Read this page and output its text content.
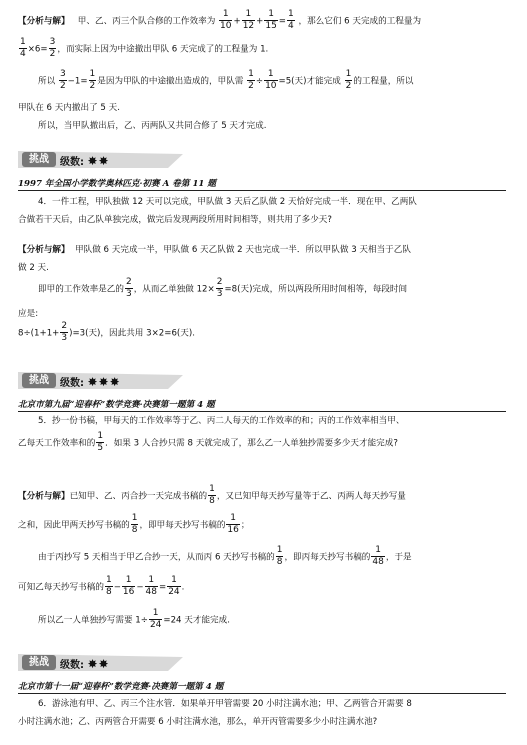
【分析与解】 甲、乙、丙三个队合修的工作效率为 $\frac{1}{10} + \frac{1}{12} + \frac{1}{15} = \frac{1}{4}$ ，那么它们 6 天完成的工程量为
$\frac{1}{4} \times 6= \frac{3}{2}$ ，而实际上因为中途撤出甲队 6 天完成了的工程量为 1.
所以 $\frac{3}{2} -1= \frac{1}{2}$ 是因为甲队的中途撤出造成的，甲队需 $\frac{1}{2} \div \frac{1}{10} =5$(天)才能完成 $\frac{1}{2}$ 的工程量，所以
甲队在 6 天内撤出了 5 天.
所以，当甲队撤出后，乙、丙两队又共同合修了 5 天才完成.
挑战	级数: ✸✸
1997 年全国小学数学奥林匹克·初赛 A 卷第 11 题
4．一件工程，甲队独做 12 天可以完成，甲队做 3 天后乙队做 2 天恰好完成一半．现在甲、乙两队
合做若干天后，由乙队单独完成，做完后发现两段所用时间相等，则共用了多少天?
【分析与解】 甲队做 6 天完成一半，甲队做 6 天乙队做 2 天也完成一半．所以甲队做 3 天相当于乙队
做 2 天.
即甲的工作效率是乙的 $\frac{2}{3}$ ，从而乙单独做 $12\times \frac{2}{3} =8$(天)完成，所以两段所用时间相等，每段时间
应是:
$8\div(1+1+ \frac{2}{3} )=3$(天)，因此共用 3×2=6(天).
挑战	级数: ✸✸✸
北京市第九届“迎春杯”数学竞赛·决赛第一题第 4 题
5．抄一份书稿，甲每天的工作效率等于乙、丙二人每天的工作效率的和；丙的工作效率相当甲、
乙每天工作效率和的 $\frac{1}{5}$ ．如果 3 人合抄只需 8 天就完成了，那么乙一人单独抄需要多少天才能完成?
【分析与解】已知甲、乙、丙合抄一天完成书稿的 $\frac{1}{8}$ ，又已知甲每天抄写量等于乙、丙两人每天抄写量
之和，因此甲两天抄写书稿的 $\frac{1}{8}$ ，即甲每天抄写书稿的 $\frac{1}{16}$ ；
由于丙抄写 5 天相当于甲乙合抄一天，从而丙 6 天抄写书稿的 $\frac{1}{8}$ ，即丙每天抄写书稿的 $\frac{1}{48}$ ，于是
可知乙每天抄写书稿的 $\frac{1}{8} - \frac{1}{16} - \frac{1}{48} = \frac{1}{24}$ .
所以乙一人单独抄写需要 $1\div \frac{1}{24} =24$ 天才能完成.
挑战	级数: ✸✸
北京市第十一届“迎春杯”数学竞赛·决赛第一题第 4 题
6．游泳池有甲、乙、丙三个注水管．如果单开甲管需要 20 小时注满水池；甲、乙两管合开需要 8
小时注满水池；乙、丙两管合开需要 6 小时注满水池，那么，单开丙管需要多少小时注满水池?
